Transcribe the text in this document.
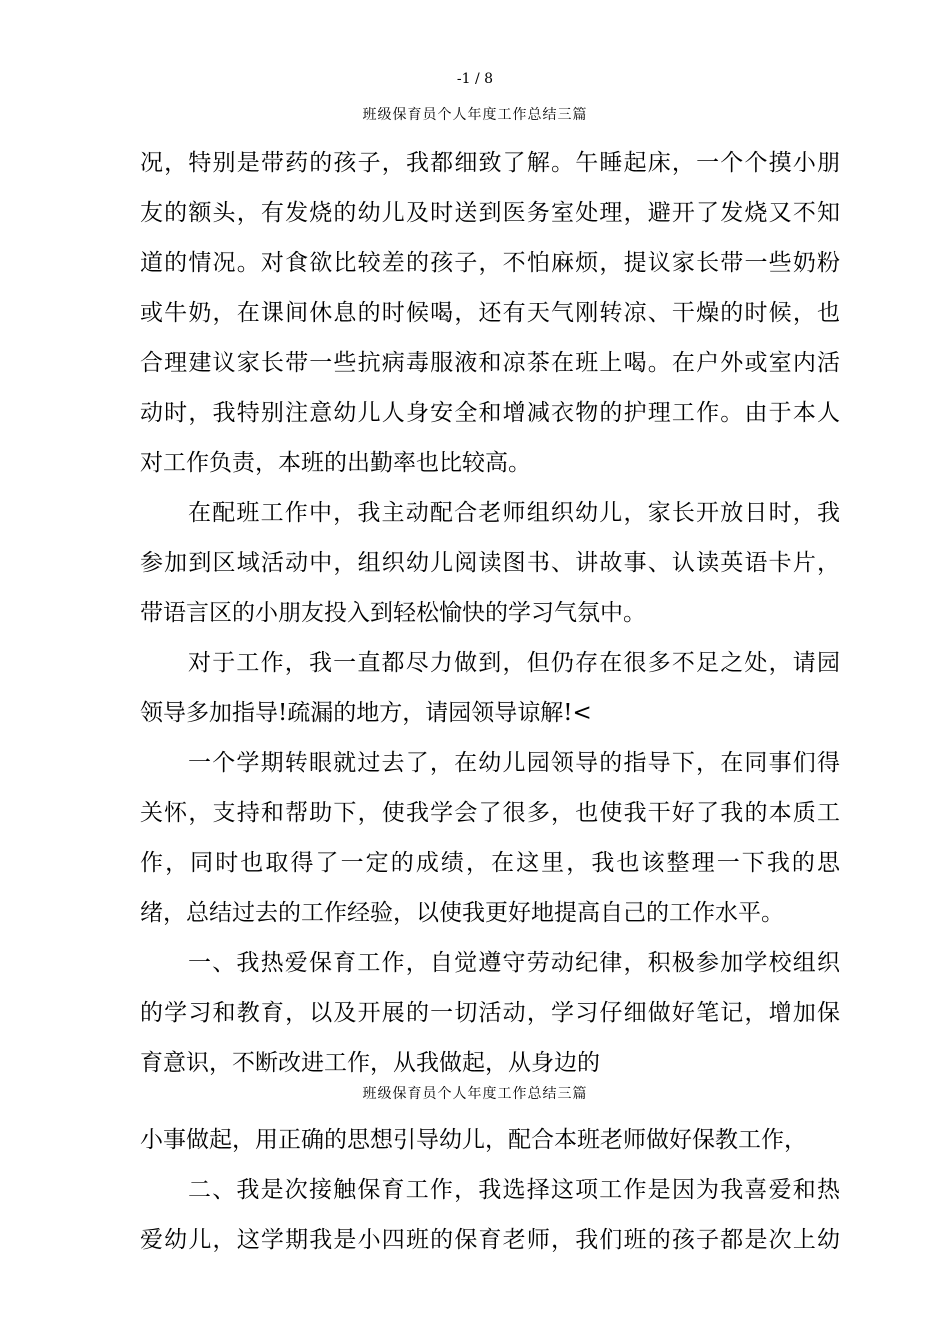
-1 / 8
班级保育员个人年度工作总结三篇
况，特别是带药的孩子，我都细致了解。午睡起床，一个个摸小朋
友的额头，有发烧的幼儿及时送到医务室处理，避开了发烧又不知
道的情况。对食欲比较差的孩子，不怕麻烦，提议家长带一些奶粉
或牛奶，在课间休息的时候喝，还有天气刚转凉、干燥的时候，也
合理建议家长带一些抗病毒服液和凉茶在班上喝。在户外或室内活
动时，我特别注意幼儿人身安全和增减衣物的护理工作。由于本人
对工作负责，本班的出勤率也比较高。
在配班工作中，我主动配合老师组织幼儿，家长开放日时，我
参加到区域活动中，组织幼儿阅读图书、讲故事、认读英语卡片，
带语言区的小朋友投入到轻松愉快的学习气氛中。
对于工作，我一直都尽力做到，但仍存在很多不足之处，请园
领导多加指导!疏漏的地方，请园领导谅解!<
一个学期转眼就过去了，在幼儿园领导的指导下，在同事们得
关怀，支持和帮助下，使我学会了很多，也使我干好了我的本质工
作，同时也取得了一定的成绩，在这里，我也该整理一下我的思
绪，总结过去的工作经验，以使我更好地提高自己的工作水平。
一、我热爱保育工作，自觉遵守劳动纪律，积极参加学校组织
的学习和教育，以及开展的一切活动，学习仔细做好笔记，增加保
育意识，不断改进工作，从我做起，从身边的
班级保育员个人年度工作总结三篇
小事做起，用正确的思想引导幼儿，配合本班老师做好保教工作，
二、我是次接触保育工作，我选择这项工作是因为我喜爱和热
爱幼儿，这学期我是小四班的保育老师，我们班的孩子都是次上幼
